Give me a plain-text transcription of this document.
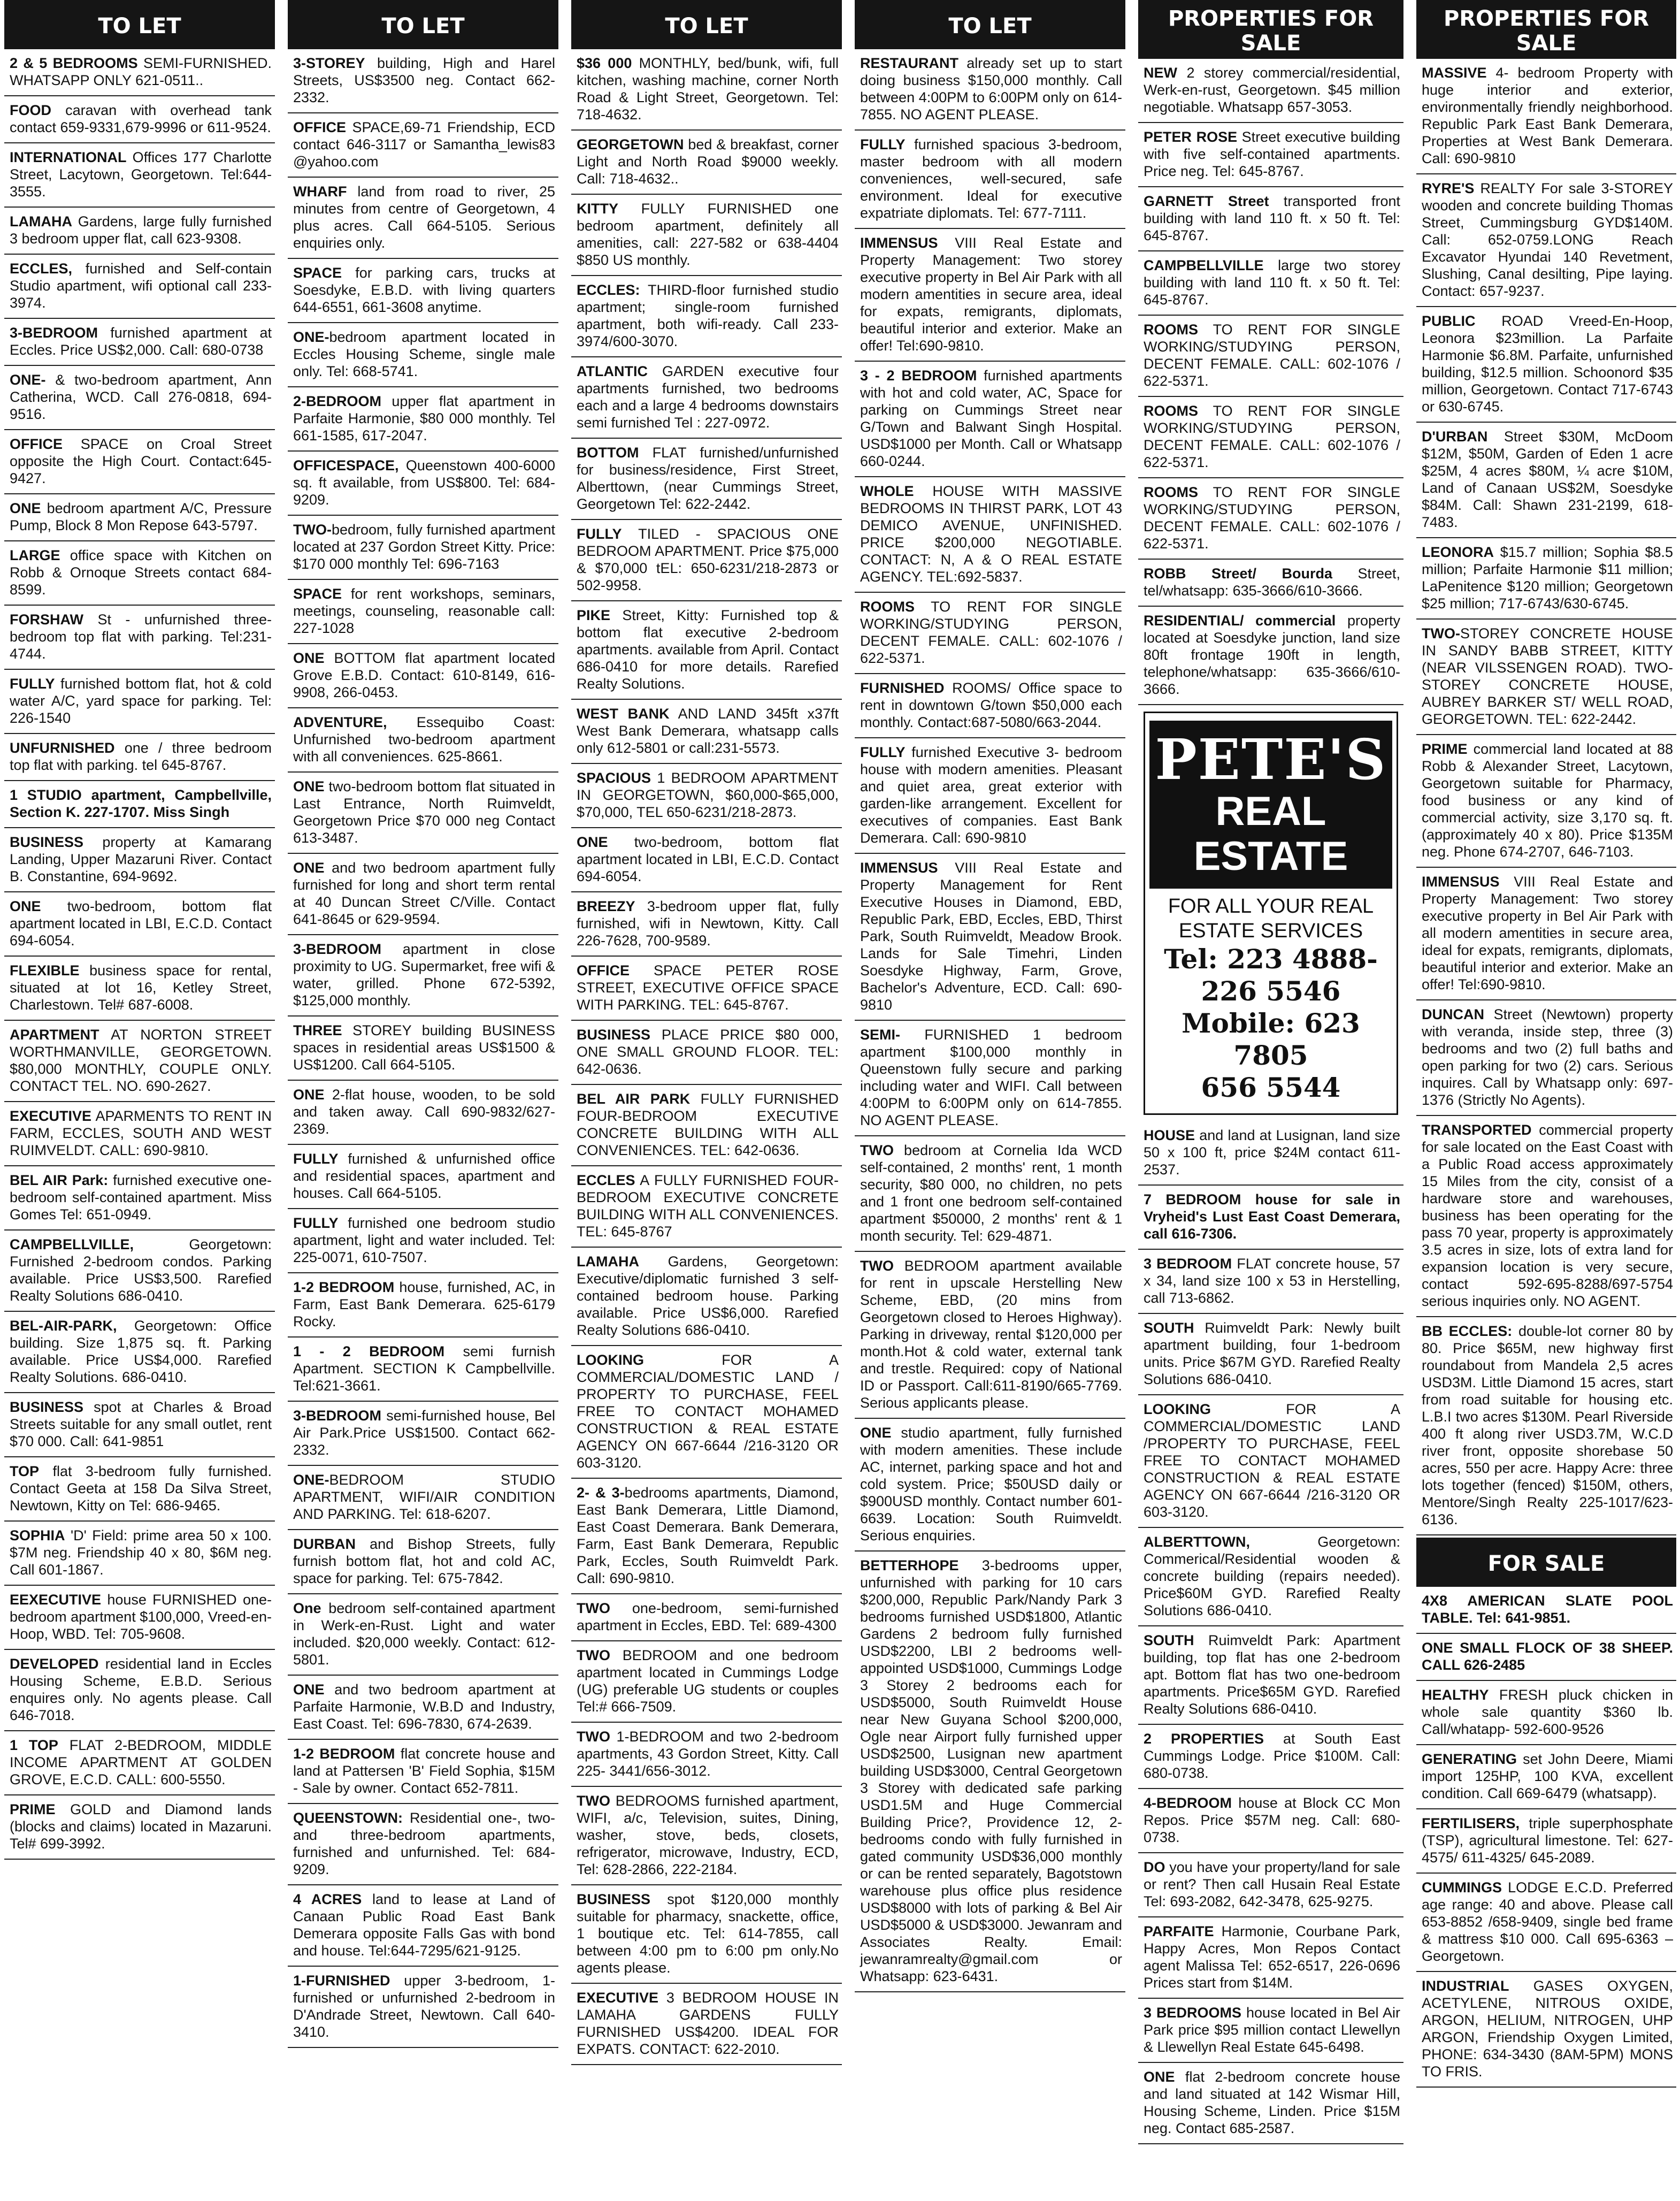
TO LET
2 & 5 BEDROOMS SEMI-FURNISHED. WHATSAPP ONLY 621-0511..
FOOD caravan with overhead tank contact 659-9331,679-9996 or 611-9524.
INTERNATIONAL Offices 177 Charlotte Street, Lacytown, Georgetown. Tel:644-3555.
LAMAHA Gardens, large fully furnished 3 bedroom upper flat, call 623-9308.
ECCLES, furnished and Self-contain Studio apartment, wifi optional call 233-3974.
3-BEDROOM furnished apartment at Eccles. Price US$2,000. Call: 680-0738
ONE- & two-bedroom apartment, Ann Catherina, WCD. Call 276-0818, 694-9516.
OFFICE SPACE on Croal Street opposite the High Court. Contact:645-9427.
ONE bedroom apartment A/C, Pressure Pump, Block 8 Mon Repose 643-5797.
LARGE office space with Kitchen on Robb & Ornoque Streets contact 684-8599.
FORSHAW St - unfurnished three-bedroom top flat with parking. Tel:231-4744.
FULLY furnished bottom flat, hot & cold water A/C, yard space for parking. Tel: 226-1540
UNFURNISHED one / three bedroom top flat with parking. tel 645-8767.
1 STUDIO apartment, Campbellville, Section K. 227-1707. Miss Singh
BUSINESS property at Kamarang Landing, Upper Mazaruni River. Contact B. Constantine, 694-9692.
ONE two-bedroom, bottom flat apartment located in LBI, E.C.D. Contact 694-6054.
FLEXIBLE business space for rental, situated at lot 16, Ketley Street, Charlestown. Tel# 687-6008.
APARTMENT AT NORTON STREET WORTHMANVILLE, GEORGETOWN. $80,000 MONTHLY, COUPLE ONLY. CONTACT TEL. NO. 690-2627.
EXECUTIVE APARMENTS TO RENT IN FARM, ECCLES, SOUTH AND WEST RUIMVELDT. CALL: 690-9810.
BEL AIR Park: furnished executive one-bedroom self-contained apartment. Miss Gomes Tel: 651-0949.
CAMPBELLVILLE, Georgetown: Furnished 2-bedroom condos. Parking available. Price US$3,500. Rarefied Realty Solutions 686-0410.
BEL-AIR-PARK, Georgetown: Office building. Size 1,875 sq. ft. Parking available. Price US$4,000. Rarefied Realty Solutions. 686-0410.
BUSINESS spot at Charles & Broad Streets suitable for any small outlet, rent $70 000. Call: 641-9851
TOP flat 3-bedroom fully furnished. Contact Geeta at 158 Da Silva Street, Newtown, Kitty on Tel: 686-9465.
SOPHIA 'D' Field: prime area 50 x 100. $7M neg. Friendship 40 x 80, $6M neg. Call 601-1867.
EEXECUTIVE house FURNISHED one-bedroom apartment $100,000, Vreed-en-Hoop, WBD. Tel: 705-9608.
DEVELOPED residential land in Eccles Housing Scheme, E.B.D. Serious enquires only. No agents please. Call 646-7018.
1 TOP FLAT 2-BEDROOM, MIDDLE INCOME APARTMENT AT GOLDEN GROVE, E.C.D. CALL: 600-5550.
PRIME GOLD and Diamond lands (blocks and claims) located in Mazaruni. Tel# 699-3992.
TO LET
3-STOREY building, High and Harel Streets, US$3500 neg. Contact 662-2332.
OFFICE SPACE,69-71 Friendship, ECD contact 646-3117 or Samantha_lewis83 @yahoo.com
WHARF land from road to river, 25 minutes from centre of Georgetown, 4 plus acres. Call 664-5105. Serious enquiries only.
SPACE for parking cars, trucks at Soesdyke, E.B.D. with living quarters 644-6551, 661-3608 anytime.
ONE-bedroom apartment located in Eccles Housing Scheme, single male only. Tel: 668-5741.
2-BEDROOM upper flat apartment in Parfaite Harmonie, $80 000 monthly. Tel 661-1585, 617-2047.
OFFICESPACE, Queenstown 400-6000 sq. ft available, from US$800. Tel: 684-9209.
TWO-bedroom, fully furnished apartment located at 237 Gordon Street Kitty. Price: $170 000 monthly Tel: 696-7163
SPACE for rent workshops, seminars, meetings, counseling, reasonable call: 227-1028
ONE BOTTOM flat apartment located Grove E.B.D. Contact: 610-8149, 616-9908, 266-0453.
ADVENTURE, Essequibo Coast: Unfurnished two-bedroom apartment with all conveniences. 625-8661.
ONE two-bedroom bottom flat situated in Last Entrance, North Ruimveldt, Georgetown Price $70 000 neg Contact 613-3487.
ONE and two bedroom apartment fully furnished for long and short term rental at 40 Duncan Street C/Ville. Contact 641-8645 or 629-9594.
3-BEDROOM apartment in close proximity to UG. Supermarket, free wifi & water, grilled. Phone 672-5392, $125,000 monthly.
THREE STOREY building BUSINESS spaces in residential areas US$1500 & US$1200. Call 664-5105.
ONE 2-flat house, wooden, to be sold and taken away. Call 690-9832/627-2369.
FULLY furnished & unfurnished office and residential spaces, apartment and houses. Call 664-5105.
FULLY furnished one bedroom studio apartment, light and water included. Tel: 225-0071, 610-7507.
1-2 BEDROOM house, furnished, AC, in Farm, East Bank Demerara. 625-6179 Rocky.
1 - 2 BEDROOM semi furnish Apartment. SECTION K Campbellville. Tel:621-3661.
3-BEDROOM semi-furnished house, Bel Air Park.Price US$1500. Contact 662-2332.
ONE-BEDROOM STUDIO APARTMENT, WIFI/AIR CONDITION AND PARKING. Tel: 618-6207.
DURBAN and Bishop Streets, fully furnish bottom flat, hot and cold AC, space for parking. Tel: 675-7842.
One bedroom self-contained apartment in Werk-en-Rust. Light and water included. $20,000 weekly. Contact: 612-5801.
ONE and two bedroom apartment at Parfaite Harmonie, W.B.D and Industry, East Coast. Tel: 696-7830, 674-2639.
1-2 BEDROOM flat concrete house and land at Pattersen 'B' Field Sophia, $15M - Sale by owner. Contact 652-7811.
QUEENSTOWN: Residential one-, two- and three-bedroom apartments, furnished and unfurnished. Tel: 684-9209.
4 ACRES land to lease at Land of Canaan Public Road East Bank Demerara opposite Falls Gas with bond and house. Tel:644-7295/621-9125.
1-FURNISHED upper 3-bedroom, 1-furnished or unfurnished 2-bedroom in D'Andrade Street, Newtown. Call 640-3410.
TO LET
$36 000 MONTHLY, bed/bunk, wifi, full kitchen, washing machine, corner North Road & Light Street, Georgetown. Tel: 718-4632.
GEORGETOWN bed & breakfast, corner Light and North Road $9000 weekly. Call: 718-4632..
KITTY FULLY FURNISHED one bedroom apartment, definitely all amenities, call: 227-582 or 638-4404 $850 US monthly.
ECCLES: THIRD-floor furnished studio apartment; single-room furnished apartment, both wifi-ready. Call 233-3974/600-3070.
ATLANTIC GARDEN executive four apartments furnished, two bedrooms each and a large 4 bedrooms downstairs semi furnished Tel : 227-0972.
BOTTOM FLAT furnished/unfurnished for business/residence, First Street, Alberttown, (near Cummings Street, Georgetown Tel: 622-2442.
FULLY TILED - SPACIOUS ONE BEDROOM APARTMENT. Price $75,000 & $70,000 tEL: 650-6231/218-2873 or 502-9958.
PIKE Street, Kitty: Furnished top & bottom flat executive 2-bedroom apartments. available from April. Contact 686-0410 for more details. Rarefied Realty Solutions.
WEST BANK AND LAND 345ft x37ft West Bank Demerara, whatsapp calls only 612-5801 or call:231-5573.
SPACIOUS 1 BEDROOM APARTMENT IN GEORGETOWN, $60,000-$65,000, $70,000, TEL 650-6231/218-2873.
ONE two-bedroom, bottom flat apartment located in LBI, E.C.D. Contact 694-6054.
BREEZY 3-bedroom upper flat, fully furnished, wifi in Newtown, Kitty. Call 226-7628, 700-9589.
OFFICE SPACE PETER ROSE STREET, EXECUTIVE OFFICE SPACE WITH PARKING. TEL: 645-8767.
BUSINESS PLACE PRICE $80 000, ONE SMALL GROUND FLOOR. TEL: 642-0636.
BEL AIR PARK FULLY FURNISHED FOUR-BEDROOM EXECUTIVE CONCRETE BUILDING WITH ALL CONVENIENCES. TEL: 642-0636.
ECCLES A FULLY FURNISHED FOUR-BEDROOM EXECUTIVE CONCRETE BUILDING WITH ALL CONVENIENCES. TEL: 645-8767
LAMAHA Gardens, Georgetown: Executive/diplomatic furnished 3 self-contained bedroom house. Parking available. Price US$6,000. Rarefied Realty Solutions 686-0410.
LOOKING FOR A COMMERCIAL/DOMESTIC LAND / PROPERTY TO PURCHASE, FEEL FREE TO CONTACT MOHAMED CONSTRUCTION & REAL ESTATE AGENCY ON 667-6644 /216-3120 OR 603-3120.
2- & 3-bedrooms apartments, Diamond, East Bank Demerara, Little Diamond, East Coast Demerara. Bank Demerara, Farm, East Bank Demerara, Republic Park, Eccles, South Ruimveldt Park. Call: 690-9810.
TWO one-bedroom, semi-furnished apartment in Eccles, EBD. Tel: 689-4300
TWO BEDROOM and one bedroom apartment located in Cummings Lodge (UG) preferable UG students or couples Tel:# 666-7509.
TWO 1-BEDROOM and two 2-bedroom apartments, 43 Gordon Street, Kitty. Call 225- 3441/656-3012.
TWO BEDROOMS furnished apartment, WIFI, a/c, Television, suites, Dining, washer, stove, beds, closets, refrigerator, microwave, Industry, ECD, Tel: 628-2866, 222-2184.
BUSINESS spot $120,000 monthly suitable for pharmacy, snackette, office, 1 boutique etc. Tel: 614-7855, call between 4:00 pm to 6:00 pm only.No agents please.
EXECUTIVE 3 BEDROOM HOUSE IN LAMAHA GARDENS FULLY FURNISHED US$4200. IDEAL FOR EXPATS. CONTACT: 622-2010.
TO LET
RESTAURANT already set up to start doing business $150,000 monthly. Call between 4:00PM to 6:00PM only on 614-7855. NO AGENT PLEASE.
FULLY furnished spacious 3-bedroom, master bedroom with all modern conveniences, well-secured, safe environment. Ideal for executive expatriate diplomats. Tel: 677-7111.
IMMENSUS VIII Real Estate and Property Management: Two storey executive property in Bel Air Park with all modern amentities in secure area, ideal for expats, remigrants, diplomats, beautiful interior and exterior. Make an offer! Tel:690-9810.
3 - 2 BEDROOM furnished apartments with hot and cold water, AC, Space for parking on Cummings Street near G/Town and Balwant Singh Hospital. USD$1000 per Month. Call or Whatsapp 660-0244.
WHOLE HOUSE WITH MASSIVE BEDROOMS IN THIRST PARK, LOT 43 DEMICO AVENUE, UNFINISHED. PRICE $200,000 NEGOTIABLE. CONTACT: N, A & O REAL ESTATE AGENCY. TEL:692-5837.
ROOMS TO RENT FOR SINGLE WORKING/STUDYING PERSON, DECENT FEMALE. CALL: 602-1076 / 622-5371.
FURNISHED ROOMS/ Office space to rent in downtown G/town $50,000 each monthly. Contact:687-5080/663-2044.
FULLY furnished Executive 3- bedroom house with modern amenities. Pleasant and quiet area, great exterior with garden-like arrangement. Excellent for executives of companies. East Bank Demerara. Call: 690-9810
IMMENSUS VIII Real Estate and Property Management for Rent Executive Houses in Diamond, EBD, Republic Park, EBD, Eccles, EBD, Thirst Park, South Ruimveldt, Meadow Brook. Lands for Sale Timehri, Linden Soesdyke Highway, Farm, Grove, Bachelor's Adventure, ECD. Call: 690-9810
SEMI- FURNISHED 1 bedroom apartment $100,000 monthly in Queenstown fully secure and parking including water and WIFI. Call between 4:00PM to 6:00PM only on 614-7855. NO AGENT PLEASE.
TWO bedroom at Cornelia Ida WCD self-contained, 2 months' rent, 1 month security, $80 000, no children, no pets and 1 front one bedroom self-contained apartment $50000, 2 months' rent & 1 month security. Tel: 629-4871.
TWO BEDROOM apartment available for rent in upscale Herstelling New Scheme, EBD, (20 mins from Georgetown closed to Heroes Highway). Parking in driveway, rental $120,000 per month.Hot & cold water, external tank and trestle. Required: copy of National ID or Passport. Call:611-8190/665-7769. Serious applicants please.
ONE studio apartment, fully furnished with modern amenities. These include AC, internet, parking space and hot and cold system. Price; $50USD daily or $900USD monthly. Contact number 601-6639. Location: South Ruimveldt. Serious enquiries.
BETTERHOPE 3-bedrooms upper, unfurnished with parking for 10 cars $200,000, Republic Park/Nandy Park 3 bedrooms furnished USD$1800, Atlantic Gardens 2 bedroom fully furnished USD$2200, LBI 2 bedrooms well-appointed USD$1000, Cummings Lodge 3 Storey 2 bedrooms each for USD$5000, South Ruimveldt House near New Guyana School $200,000, Ogle near Airport fully furnished upper USD$2500, Lusignan new apartment building USD$3000, Central Georgetown 3 Storey with dedicated safe parking USD1.5M and Huge Commercial Building Price?, Providence 12, 2- bedrooms condo with fully furnished in gated community USD$36,000 monthly or can be rented separately, Bagotstown warehouse plus office plus residence USD$8000 with lots of parking & Bel Air USD$5000 & USD$3000. Jewanram and Associates Realty. Email: jewanramrealty@gmail.com or Whatsapp: 623-6431.
PROPERTIES FOR SALE
NEW 2 storey commercial/residential, Werk-en-rust, Georgetown. $45 million negotiable. Whatsapp 657-3053.
PETER ROSE Street executive building with five self-contained apartments. Price neg. Tel: 645-8767.
GARNETT Street transported front building with land 110 ft. x 50 ft. Tel: 645-8767.
CAMPBELLVILLE large two storey building with land 110 ft. x 50 ft. Tel: 645-8767.
ROOMS TO RENT FOR SINGLE WORKING/STUDYING PERSON, DECENT FEMALE. CALL: 602-1076 / 622-5371.
ROOMS TO RENT FOR SINGLE WORKING/STUDYING PERSON, DECENT FEMALE. CALL: 602-1076 / 622-5371.
ROOMS TO RENT FOR SINGLE WORKING/STUDYING PERSON, DECENT FEMALE. CALL: 602-1076 / 622-5371.
ROBB Street/ Bourda Street, tel/whatsapp: 635-3666/610-3666.
RESIDENTIAL/ commercial property located at Soesdyke junction, land size 80ft frontage 190ft in length, telephone/whatsapp: 635-3666/610-3666.
PETE'S
REAL ESTATE
FOR ALL YOUR REAL
ESTATE SERVICES
Tel: 223 4888-
226 5546
Mobile: 623 7805
656 5544
HOUSE and land at Lusignan, land size 50 x 100 ft, price $24M contact 611-2537.
7 BEDROOM house for sale in Vryheid's Lust East Coast Demerara, call 616-7306.
3 BEDROOM FLAT concrete house, 57 x 34, land size 100 x 53 in Herstelling, call 713-6862.
SOUTH Ruimveldt Park: Newly built apartment building, four 1-bedroom units. Price $67M GYD. Rarefied Realty Solutions 686-0410.
LOOKING FOR A COMMERCIAL/DOMESTIC LAND /PROPERTY TO PURCHASE, FEEL FREE TO CONTACT MOHAMED CONSTRUCTION & REAL ESTATE AGENCY ON 667-6644 /216-3120 OR 603-3120.
ALBERTTOWN, Georgetown: Commerical/Residential wooden & concrete building (repairs needed). Price$60M GYD. Rarefied Realty Solutions 686-0410.
SOUTH Ruimveldt Park: Apartment building, top flat has one 2-bedroom apt. Bottom flat has two one-bedroom apartments. Price$65M GYD. Rarefied Realty Solutions 686-0410.
2 PROPERTIES at South East Cummings Lodge. Price $100M. Call: 680-0738.
4-BEDROOM house at Block CC Mon Repos. Price $57M neg. Call: 680-0738.
DO you have your property/land for sale or rent? Then call Husain Real Estate Tel: 693-2082, 642-3478, 625-9275.
PARFAITE Harmonie, Courbane Park, Happy Acres, Mon Repos Contact agent Malissa Tel: 652-6517, 226-0696 Prices start from $14M.
3 BEDROOMS house located in Bel Air Park price $95 million contact Llewellyn & Llewellyn Real Estate 645-6498.
ONE flat 2-bedroom concrete house and land situated at 142 Wismar Hill, Housing Scheme, Linden. Price $15M neg. Contact 685-2587.
PROPERTIES FOR SALE
MASSIVE 4- bedroom Property with huge interior and exterior, environmentally friendly neighborhood. Republic Park East Bank Demerara, Properties at West Bank Demerara. Call: 690-9810
RYRE'S REALTY For sale 3-STOREY wooden and concrete building Thomas Street, Cummingsburg GYD$140M. Call: 652-0759.LONG Reach Excavator Hyundai 140 Revetment, Slushing, Canal desilting, Pipe laying. Contact: 657-9237.
PUBLIC ROAD Vreed-En-Hoop, Leonora $23million. La Parfaite Harmonie $6.8M. Parfaite, unfurnished building, $12.5 million. Schoonord $35 million, Georgetown. Contact 717-6743 or 630-6745.
D'URBAN Street $30M, McDoom $12M, $50M, Garden of Eden 1 acre $25M, 4 acres $80M, ¼ acre $10M, Land of Canaan US$2M, Soesdyke $84M. Call: Shawn 231-2199, 618-7483.
LEONORA $15.7 million; Sophia $8.5 million; Parfaite Harmonie $11 million; LaPenitence $120 million; Georgetown $25 million; 717-6743/630-6745.
TWO-STOREY CONCRETE HOUSE IN SANDY BABB STREET, KITTY (NEAR VILSSENGEN ROAD). TWO-STOREY CONCRETE HOUSE, AUBREY BARKER ST/ WELL ROAD, GEORGETOWN. TEL: 622-2442.
PRIME commercial land located at 88 Robb & Alexander Street, Lacytown, Georgetown suitable for Pharmacy, food business or any kind of commercial activity, size 3,170 sq. ft. (approximately 40 x 80). Price $135M neg. Phone 674-2707, 646-7103.
IMMENSUS VIII Real Estate and Property Management: Two storey executive property in Bel Air Park with all modern amentities in secure area, ideal for expats, remigrants, diplomats, beautiful interior and exterior. Make an offer! Tel:690-9810.
DUNCAN Street (Newtown) property with veranda, inside step, three (3) bedrooms and two (2) full baths and open parking for two (2) cars. Serious inquires. Call by Whatsapp only: 697-1376 (Strictly No Agents).
TRANSPORTED commercial property for sale located on the East Coast with a Public Road access approximately 15 Miles from the city, consist of a hardware store and warehouses, business has been operating for the pass 70 year, property is approximately 3.5 acres in size, lots of extra land for expansion location is very secure, contact 592-695-8288/697-5754 serious inquiries only. NO AGENT.
BB ECCLES: double-lot corner 80 by 80. Price $65M, new highway first roundabout from Mandela 2,5 acres USD3M. Little Diamond 15 acres, start from road suitable for housing etc. L.B.I two acres $130M. Pearl Riverside 400 ft along river USD3.7M, W.C.D river front, opposite shorebase 50 acres, 550 per acre. Happy Acre: three lots together (fenced) $150M, others, Mentore/Singh Realty 225-1017/623-6136.
FOR SALE
4X8 AMERICAN SLATE POOL TABLE. Tel: 641-9851.
ONE SMALL FLOCK OF 38 SHEEP. CALL 626-2485
HEALTHY FRESH pluck chicken in whole sale quantity $360 lb. Call/whatapp- 592-600-9526
GENERATING set John Deere, Miami import 125HP, 100 KVA, excellent condition. Call 669-6479 (whatsapp).
FERTILISERS, triple superphosphate (TSP), agricultural limestone. Tel: 627-4575/ 611-4325/ 645-2089.
CUMMINGS LODGE E.C.D. Preferred age range: 40 and above. Please call 653-8852 /658-9409, single bed frame & mattress $10 000. Call 695-6363 – Georgetown.
INDUSTRIAL GASES OXYGEN, ACETYLENE, NITROUS OXIDE, ARGON, HELIUM, NITROGEN, UHP ARGON, Friendship Oxygen Limited, PHONE: 634-3430 (8AM-5PM) MONS TO FRIS.
